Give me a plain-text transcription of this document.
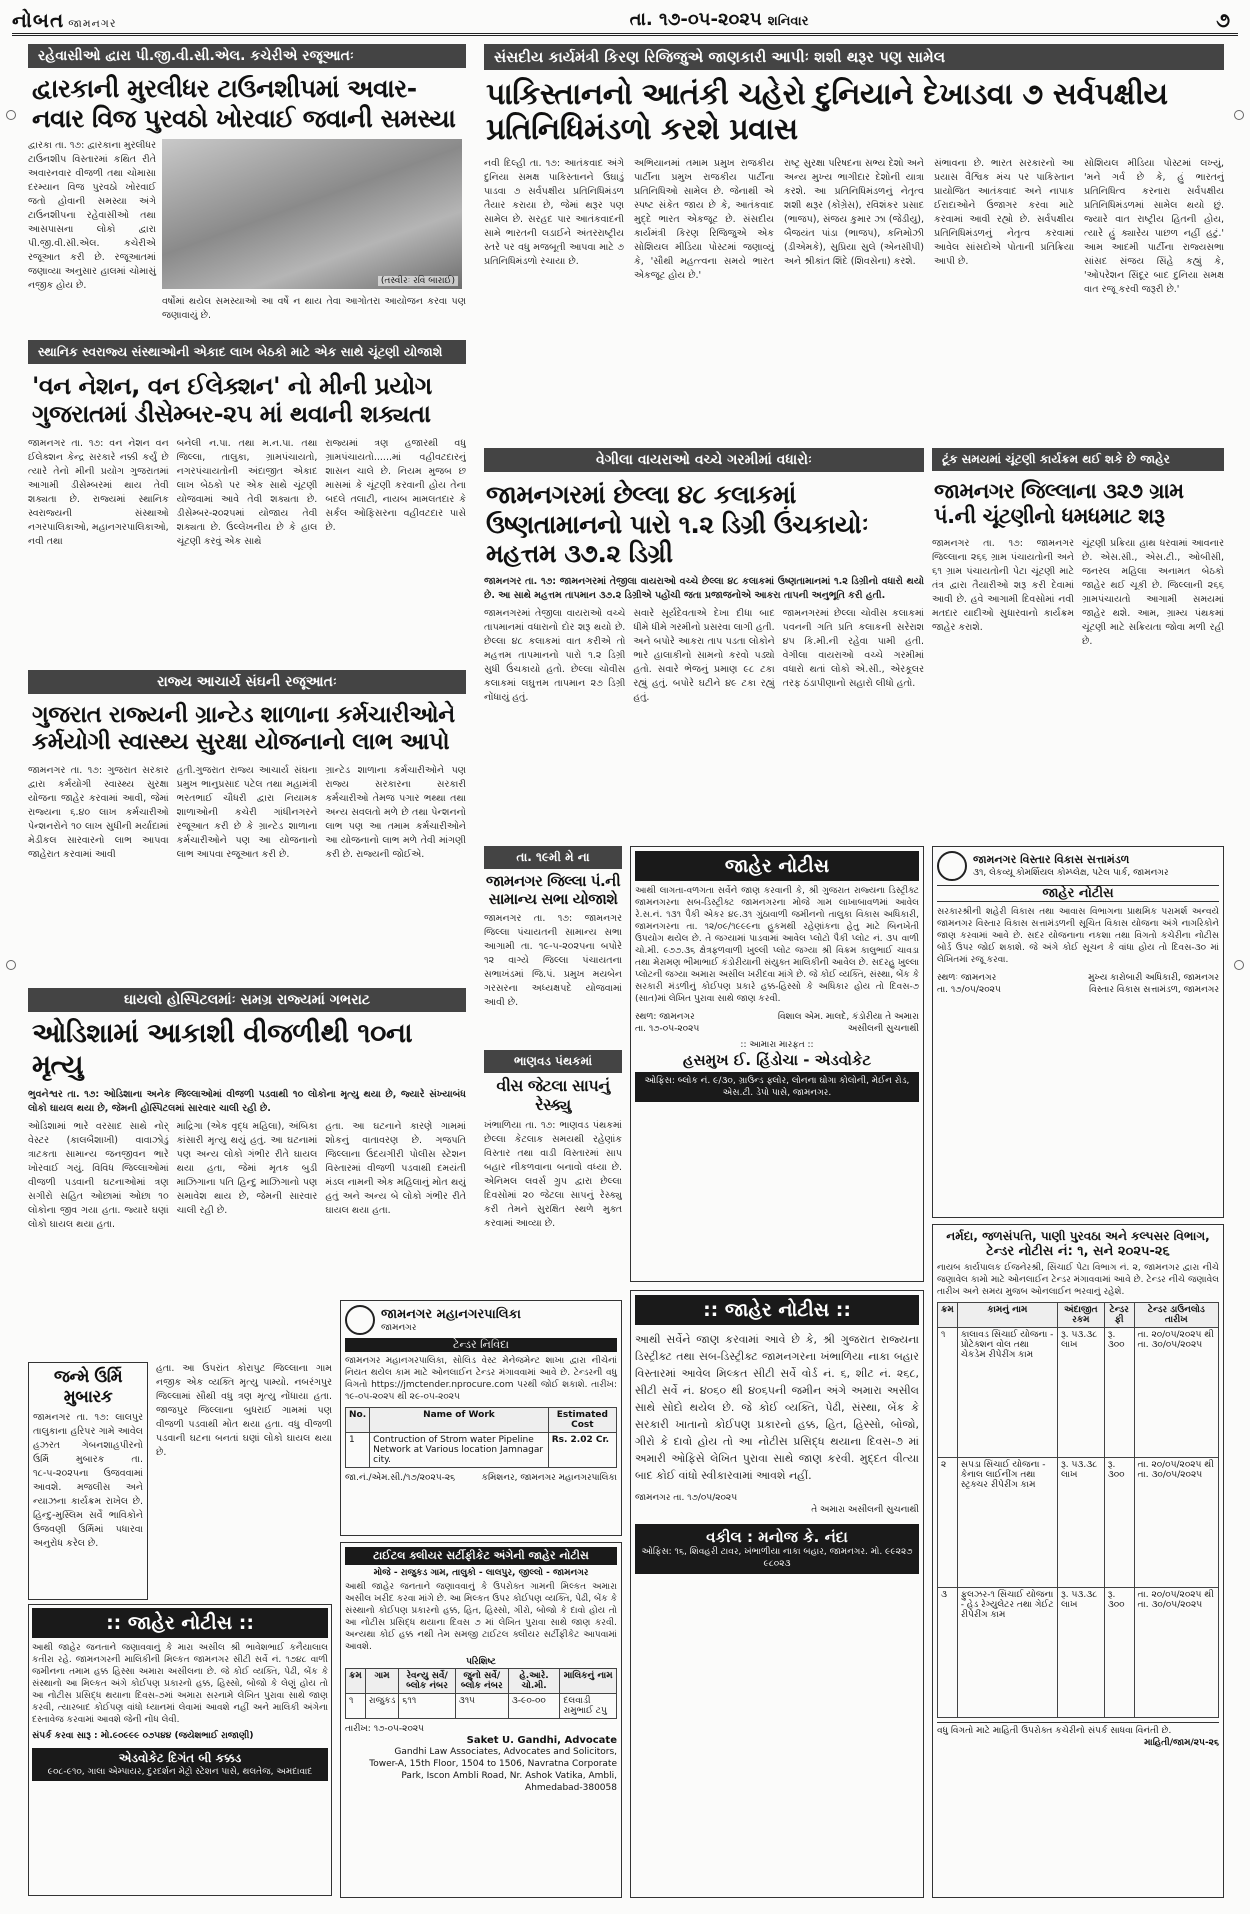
નોબત જામનગર	તા. ૧૭-૦૫-૨૦૨૫ શનિવાર	૭
રહેવાસીઓ દ્વારા પી.જી.વી.સી.એલ. કચેરીએ રજૂઆતઃ
દ્વારકાની મુરલીધર ટાઉનશીપમાં અવાર-નવાર વિજ પુરવઠો ખોરવાઈ જવાની સમસ્યા
દ્વારકા તા. ૧૭: દ્વારકાના મુરલીધર ટાઉનશીપ વિસ્તારમાં કથિત રીતે અવારનવાર વીજળી તથા ચોમાસા દરમ્યાન વિજ પુરવઠો ખોરવાઈ જતો હોવાની સમસ્યા અંગે ટાઉનશીપના રહેવાસીઓ તથા આસપાસના લોકો દ્વારા પી.જી.વી.સી.એલ. કચેરીએ રજૂઆત કરી છે. રજૂઆતમાં જણાવ્યા અનુસાર હાલમાં ચોમાસું નજીક હોય છે.	(તસ્વીરઃ રવિ બારાઈ)
વર્ષોમાં થયેલ સમસ્યાઓ આ વર્ષે ન થાય તેવા આગોતરા આયોજન કરવા પણ જણાવાયું છે.
સ્થાનિક સ્વરાજ્ય સંસ્થાઓની એકાદ લાખ બેઠકો માટે એક સાથે ચૂંટણી યોજાશે
'વન નેશન, વન ઈલેક્શન' નો મીની પ્રયોગ ગુજરાતમાં ડીસેમ્બર-૨૫ માં થવાની શક્યતા
જામનગર તા. ૧૭: વન નેશન વન ઈલેક્શન કેન્દ્ર સરકારે નક્કી કર્યું છે ત્યારે તેનો મીની પ્રયોગ ગુજરાતમાં આગામી ડીસેમ્બરમાં થાય તેવી શક્યતા છે. રાજ્યમાં સ્થાનિક સ્વરાજ્યની સંસ્થાઓ નગરપાલિકાઓ, મહાનગરપાલિકાઓ, નવી તથા
બનેલી ન.પા. તથા મ.ન.પા. તથા જિલ્લા, તાલુકા, ગ્રામપંચાયતો, નગરપંચાયતોની અંદાજીત એકાદ લાખ બેઠકો પર એક સાથે ચૂંટણી યોજવામાં આવે તેવી શક્યતા છે. ડીસેમ્બર-૨૦૨૫માં યોજાય તેવી શક્યતા છે. ઉલ્લેખનીય છે કે હાલ ચૂંટણી કરવું એક સાથે
રાજ્યમાં ત્રણ હજારથી વધુ ગ્રામપંચાયતો......માં વહીવટદારનું શાસન ચાલે છે. નિયમ મુજબ છ માસમાં કે ચૂંટણી કરવાની હોય તેના બદલે તલાટી, નાયબ મામલતદાર કે સર્કલ ઓફિસરના વહીવટદાર પાસે છે.
રાજ્ય આચાર્ય સંઘની રજૂઆતઃ
ગુજરાત રાજ્યની ગ્રાન્ટેડ શાળાના કર્મચારીઓને કર્મયોગી સ્વાસ્થ્ય સુરક્ષા યોજનાનો લાભ આપો
જામનગર તા. ૧૭: ગુજરાત સરકાર દ્વારા કર્મયોગી સ્વાસ્થ્ય સુરક્ષા યોજના જાહેર કરવામાં આવી, જેમાં રાજ્યના ૬.૪૦ લાખ કર્મચારીઓ પેન્શનરોને ૧૦ લાખ સુધીની મર્યાદામાં મેડીકલ સારવારનો લાભ આપવા જાહેરાત કરવામાં આવી
હતી.ગુજરાત રાજ્ય આચાર્ય સંઘના પ્રમુખ ભાનુપ્રસાદ પટેલ તથા મહામંત્રી ભરતભાઈ ચૌધરી દ્વારા નિયામક શાળાઓની કચેરી ગાંધીનગરને રજૂઆત કરી છે કે ગ્રાન્ટેડ શાળાના કર્મચારીઓને પણ આ યોજનાનો લાભ આપવા રજૂઆત કરી છે.
ગ્રાન્ટેડ શાળાના કર્મચારીઓને પણ રાજ્ય સરકારના સરકારી કર્મચારીઓ તેમજ પગાર ભથ્થા તથા અન્ય સવલતો મળે છે તથા પેન્શનનો લાભ પણ આ તમામ કર્મચારીઓને આ યોજનાનો લાભ મળે તેવી માંગણી કરી છે. રાજ્યની જોઈએ.
ઘાયલો હોસ્પિટલમાંઃ સમગ્ર રાજ્યમાં ગભરાટ
ઓડિશામાં આકાશી વીજળીથી ૧૦ના મૃત્યુ
ભુવનેશ્વર તા. ૧૭: ઓડિશાના અનેક જિલ્લાઓમાં વીજળી પડવાથી ૧૦ લોકોના મૃત્યુ થયા છે, જ્યારે સંખ્યાબંધ લોકો ઘાયલ થયા છે, જેમની હોસ્પિટલમાં સારવાર ચાલી રહી છે.
ઓડિશામાં ભારે વરસાદ સાથે નોર્ વેસ્ટર (કાલબૈશાખી) વાવાઝોડું ત્રાટકતા સામાન્ય જનજીવન ભારે ખોરવાઈ ગયું. વિવિધ જિલ્લાઓમાં વીજળી પડવાની ઘટનાઓમાં ત્રણ સગીરો સહિત ઓછામાં ઓછા ૧૦ લોકોના જીવ ગયા હતા. જ્યારે ઘણાં લોકો ઘાયલ થયા હતા.
માદ્રિગા (એક વૃદ્ધ મહિલા), અંબિકા કાંસારી મૃત્યુ થયું હતું. આ ઘટનામાં પણ અન્ય લોકો ગંભીર રીતે ઘાયલ થયા હતા, જેમાં મૃતક બુડી માઝિગાના પતિ હિન્દુ માઝિગાનો પણ સમાવેશ થાય છે, જેમની સારવાર ચાલી રહી છે.
હતા. આ ઘટનાને કારણે ગામમાં શોકનું વાતાવરણ છે. ગજપતિ જિલ્લાના ઉદયગીરી પોલીસ સ્ટેશન વિસ્તારમાં વીજળી પડવાથી દમયંતી મંડલ નામની એક મહિલાનું મોત થયું હતું અને અન્ય બે લોકો ગંભીર રીતે ઘાયલ થયા હતા.
જન્મે ઉર્મિ મુબારક
જામનગર તા. ૧૭: લાલપુર તાલુકાના હરિપર ગામે આવેલ હઝરત ગેબનશાહપીરનો ઉર્મિ મુબારક તા. ૧૮-૫-૨૦૨૫ના ઉજવવામાં આવશે. મજલીસ અને ન્યાઝના કાર્યક્રમ રાખેલ છે. હિન્દુ-મુસ્લિમ સર્વે ભાવિકોને ઉજવણી ઉર્મિમાં પધારવા અનુરોધ કરેલ છે.
હતા. આ ઉપરાંત કોરાપુટ જિલ્લાના ગામ નજીક એક વ્યક્તિ મૃત્યુ પામ્યો. નબરંગપુર જિલ્લામાં સૌથી વધુ ત્રણ મૃત્યુ નોંધાયા હતા. જાજપુર જિલ્લાના બુધરાઈ ગામમાં પણ વીજળી પડવાથી મોત થયા હતા. વધુ વીજળી પડવાની ઘટના બનતાં ઘણાં લોકો ઘાયલ થયા છે.
:: જાહેર નોટીસ ::
આથી જાહેર જનતાને જણાવવાનું કે મારા અસીલ શ્રી ભાવેશભાઈ કનૈયાલાલ કતીરા રહે. જામનગરની માલિકીની મિલ્કત જામનગર સીટી સર્વે નં. ૧૭૪૮ વાળી જમીનના તમામ હક્ક હિસ્સા અમારા અસીલના છે. જે કોઈ વ્યક્તિ, પેઢી, બેંક કે સંસ્થાનો આ મિલ્કત અંગે કોઈપણ પ્રકારનો હક્ક, હિસ્સો, બોજો કે લેણું હોય તો આ નોટીસ પ્રસિદ્ધ થયાના દિવસ-૭માં અમારા સરનામે લેખિત પુરાવા સાથે જાણ કરવી, ત્યારબાદ કોઈપણ વાંધો ધ્યાનમાં લેવામાં આવશે નહીં અને માલિકી અંગેના દસ્તાવેજ કરવામાં આવશે જેની નોંધ લેવી.
સંપર્ક કરવા સારૂ : મો.૯૦૯૯૯ ૦૭૫૪૪ (જયેશભાઈ રાજાણી)
એડવોકેટ દિગંત બી કક્કડ
૯૦૮-૯૧૦, ગાલા એમ્પાયર, દુરદર્શન મેટ્રો સ્ટેશન પાસે, થલતેજ, અમદાવાદ
સંસદીય કાર્યમંત્રી કિરણ રિજિજુએ જાણકારી આપીઃ શશી થરૂર પણ સામેલ
પાકિસ્તાનનો આતંકી ચહેરો દુનિયાને દેખાડવા ૭ સર્વપક્ષીય પ્રતિનિધિમંડળો કરશે પ્રવાસ
નવી દિલ્હી તા. ૧૭: આતંકવાદ અંગે દુનિયા સમક્ષ પાકિસ્તાનને ઉઘાડું પાડવા ૭ સર્વપક્ષીય પ્રતિનિધિમંડળ તૈયાર કરાયા છે, જેમાં થરૂર પણ સામેલ છે. સરહદ પાર આતંકવાદની સામે ભારતની લડાઈને અંતરરાષ્ટ્રીય સ્તરે પર વધુ મજબૂતી આપવા માટે ૭ પ્રતિનિધિમંડળો રચાયા છે.
અભિયાનમાં તમામ પ્રમુખ રાજકીય પાર્ટીના પ્રમુખ રાજકીય પાર્ટીના પ્રતિનિધિઓ સામેલ છે. જેનાથી એ સ્પષ્ટ સંકેત જાય છે કે, આતંકવાદ મુદ્દે ભારત એકજૂટ છે. સંસદીય કાર્યમંત્રી કિરણ રિજિજુએ એક સોશિયલ મીડિયા પોસ્ટમાં જણાવ્યું કે, 'સૌથી મહત્ત્વના સમયે ભારત એકજૂટ હોય છે.'
રાષ્ટ્ર સુરક્ષા પરિષદના સભ્ય દેશો અને અન્ય મુખ્ય ભાગીદાર દેશોની યાત્રા કરશે. આ પ્રતિનિધિમંડળનું નેતૃત્વ શશી થરૂર (કોંગ્રેસ), રવિશંકર પ્રસાદ (ભાજપ), સંજય કુમાર ઝા (જેડીયુ), બૈજયંત પાંડા (ભાજપ), કનિમોઝી (ડીએમકે), સુપ્રિયા સુલે (એનસીપી) અને શ્રીકાંત શિંદે (શિવસેના) કરશે.
સંભાવના છે. ભારત સરકારનો આ પ્રયાસ વૈશ્વિક મંચ પર પાકિસ્તાન પ્રાયોજિત આતંકવાદ અને નાપાક ઈરાદાઓને ઉજાગર કરવા માટે કરવામાં આવી રહ્યો છે. સર્વપક્ષીય પ્રતિનિધિમંડળનું નેતૃત્વ કરવામાં આવેલ સાંસદોએ પોતાની પ્રતિક્રિયા આપી છે.
સોશિયલ મીડિયા પોસ્ટમાં લખ્યું, 'મને ગર્વ છે કે, હું ભારતનું પ્રતિનિધિત્વ કરનારા સર્વપક્ષીય પ્રતિનિધિમંડળમાં સામેલ થયો છું. જ્યારે વાત રાષ્ટ્રીય હિતની હોય, ત્યારે હું ક્યારેય પાછળ નહીં હટું.' આમ આદમી પાર્ટીના રાજ્યસભા સાંસદ સંજય સિંહે કહ્યું કે, 'ઓપરેશન સિંદૂર બાદ દુનિયા સમક્ષ વાત રજૂ કરવી જરૂરી છે.'
વેગીલા વાયરાઓ વચ્ચે ગરમીમાં વધારોઃ
જામનગરમાં છેલ્લા ૪૮ કલાકમાં ઉષ્ણતામાનનો પારો ૧.૨ ડિગ્રી ઉંચકાયોઃ મહત્તમ ૩૭.૨ ડિગ્રી
જામનગર તા. ૧૭: જામનગરમાં તેજીલા વાયરાઓ વચ્ચે છેલ્લા ૪૮ કલાકમાં ઉષ્ણતામાનમાં ૧.૨ ડિગ્રીનો વધારો થયો છે. આ સાથે મહત્તમ તાપમાન ૩૭.૨ ડિગ્રીએ પહોંચી જતા પ્રજાજનોએ આકરા તાપની અનુભૂતિ કરી હતી.
જામનગરમાં તેજીલા વાયરાઓ વચ્ચે તાપમાનમાં વધારાનો દોર શરૂ થયો છે. છેલ્લા ૪૮ કલાકમાં વાત કરીએ તો મહત્તમ તાપમાનનો પારો ૧.૨ ડિગ્રી સુધી ઉંચકાયો હતો. છેલ્લા ચોવીસ કલાકમાં લઘુત્તમ તાપમાન ૨૭ ડિગ્રી નોંધાયું હતું.
સવારે સૂર્યદેવતાએ દેખા દીધા બાદ ધીમે ધીમે ગરમીનો પ્રસરવા લાગી હતી. અને બપોરે આકરા તાપ પડતા લોકોને ભારે હાલાકીનો સામનો કરવો પડ્યો હતો. સવારે ભેજનું પ્રમાણ ૯૮ ટકા રહ્યું હતું. બપોરે ઘટીને ૪૯ ટકા રહ્યું હતું.
જામનગરમાં છેલ્લા ચોવીસ કલાકમાં પવનની ગતિ પ્રતિ કલાકની સરેરાશ ૪૫ કિ.મી.ની રહેવા પામી હતી. વેગીલા વાયરાઓ વચ્ચે ગરમીમાં વધારો થતાં લોકો એ.સી., એરકૂલર તરફ ઠંડાપીણાનો સહારો લીધો હતો.
ટૂંક સમયમાં ચૂંટણી કાર્યક્રમ થઈ શકે છે જાહેર
જામનગર જિલ્લાના ૩૨૭ ગ્રામ પં.ની ચૂંટણીનો ધમધમાટ શરૂ
જામનગર તા. ૧૭: જામનગર જિલ્લાના ૨૬૬ ગ્રામ પંચાયતોની અને ૬૧ ગ્રામ પંચાયતોની પેટા ચૂંટણી માટે તંત્ર દ્વારા તૈયારીઓ શરૂ કરી દેવામાં આવી છે. હવે આગામી દિવસોમાં નવી મતદાર યાદીઓ સુધારવાનો કાર્યક્રમ જાહેર કરાશે.
ચૂંટણી પ્રક્રિયા હાથ ધરવામાં આવનાર છે. એસ.સી., એસ.ટી., ઓબીસી, જનરલ મહિલા અનામત બેઠકો જાહેર થઈ ચૂકી છે. જિલ્લાની ૨૬૬ ગ્રામપંચાયતો આગામી સમયમાં જાહેર થશે. આમ, ગ્રામ્ય પંથકમાં ચૂંટણી માટે સક્રિયતા જોવા મળી રહી છે.
તા. ૧૯મી મે ના
જામનગર જિલ્લા પં.ની સામાન્ય સભા યોજાશે
જામનગર તા. ૧૭: જામનગર જિલ્લા પંચાયતની સામાન્ય સભા આગામી તા. ૧૯-૫-૨૦૨૫ના બપોરે ૧૨ વાગ્યે જિલ્લા પંચાયતના સભાખંડમાં જિ.પં. પ્રમુખ મયબેન ગરસરના અધ્યક્ષપદે યોજવામાં આવી છે.
ભાણવડ પંથકમાં
વીસ જેટલા સાપનું રેસ્ક્યુ
ખંભાળિયા તા. ૧૭: ભાણવડ પંથકમાં છેલ્લા કેટલાક સમયથી રહેણાંક વિસ્તાર તથા વાડી વિસ્તારમાં સાપ બહાર નીકળવાના બનાવો વધ્યા છે. એનિમલ લવર્સ ગ્રુપ દ્વારા છેલ્લા દિવસોમાં ૨૦ જેટલા સાપનું રેસ્ક્યુ કરી તેમને સુરક્ષિત સ્થળે મુક્ત કરવામાં આવ્યા છે.
જાહેર નોટીસ
આથી લાગતા-વળગતા સર્વેને જાણ કરવાની કે, શ્રી ગુજરાત રાજ્યના ડિસ્ટ્રીક્ટ જામનગરના સબ-ડિસ્ટ્રીક્ટ જામનગરના મોજે ગામ લાખાબાવળમાં આવેલ રે.સ.નં. ૧૩૧ પૈકી એકર ૪૯.૩૧ ગુંઠાવાળી જમીનનો તાલુકા વિકાસ અધિકારી, જામનગરના તા. ૧૨/૦૯/૧૯૯૯ના હુકમથી રહેણાંકના હેતુ માટે બિનખેતી ઉપયોગ થયેલ છે. તે જગ્યામાં પાડવામાં આવેલ પ્લોટો પૈકી પ્લોટ નં. ૩૫ વાળી ચો.મી. ૯૭૭.૩૬ ક્ષેત્રફળવાળી ખુલ્લી પ્લોટ જગ્યા શ્રી વિક્રમ કાલુભાઈ ચાવડા તથા મેરામણ ભીમાભાઈ કંડોરીયાની સંયુક્ત માલિકીની આવેલ છે. સદરહુ ખુલ્લા પ્લોટની જગ્યા અમારા અસીલ ખરીદવા માંગે છે. જે કોઈ વ્યક્તિ, સંસ્થા, બેંક કે સરકારી મંડળીનું કોઈપણ પ્રકારે હક્ક-હિસ્સો કે અધિકાર હોય તો દિવસ-૭ (સાત)માં લેખિત પુરાવા સાથે જાણ કરવી.
સ્થળ: જામનગર
તા. ૧૭-૦૫-૨૦૨૫
વિશાલ એમ. માલદે, કંડોરીયા તે અમારા અસીલની સુચનાથી
:: આમારા મારફત ::
હસમુખ ઈ. હિંડોચા - એડવોકેટ
ઓફિસ: બ્લોક નં. ૯/૩૦, ગ્રાઉન્ડ ફ્લોર, લોનના ઘોગા કોલોની, મેઈન રોડ, એસ.ટી. ડેપો પાસે, જામનગર.
જામનગર મહાનગરપાલિકા
જામનગર
ટેન્ડર નિવિદા
જામનગર મહાનગરપાલિકા, સોલિડ વેસ્ટ મેનેજમેન્ટ શાખા દ્વારા નીચેનાં નિયત થયેલ કામ માટે ઓનલાઈન ટેન્ડર મંગાવવામાં આવે છે. ટેન્ડરની વધુ વિગતો https://jmctender.nprocure.com પરથી જોઈ શકાશે. તારીખ: ૧૯-૦૫-૨૦૨૫ થી ૨૯-૦૫-૨૦૨૫
No.	Name of Work	Estimated Cost
1	Contruction of Strom water Pipeline Network at Various location Jamnagar city.	Rs. 2.02 Cr.
જા.નં./એમ.સી./૧૭/૨૦૨૫-૨૬	કમિશનર, જામનગર મહાનગરપાલિકા
ટાઈટલ ક્લીયર સર્ટીફીકેટ અંગેની જાહેર નોટીસ
મોજે - રાજુકડ ગામ, તાલુકો - લાલપુર, જીલ્લો - જામનગર
આથી જાહેર જનતાને જણાવવાનું કે ઉપરોક્ત ગામની મિલ્કત અમારા અસીલ ખરીદ કરવા માંગે છે. આ મિલ્કત ઉપર કોઈપણ વ્યક્તિ, પેઢી, બેંક કે સંસ્થાનો કોઈપણ પ્રકારનો હક્ક, હિત, હિસ્સો, ગીરો, બોજો કે દાવો હોય તો આ નોટીસ પ્રસિદ્ધ થયાના દિવસ ૭ માં લેખિત પુરાવા સાથે જાણ કરવી. અન્યથા કોઈ હક્ક નથી તેમ સમજી ટાઈટલ ક્લીયર સર્ટીફીકેટ આપવામાં આવશે.
પરિશિષ્ટ
ક્રમ	ગામ	રેવન્યુ સર્વે/બ્લોક નંબર	જુનો સર્વે/બ્લોક નંબર	હે.આરે. ચો.મી.	માલિકનું નામ
૧	રાજુકડ	૬૧૧	૩૧૫	૩-૯૦-૦૦	દલવાડી રામુભાઈ ટપુ
તારીખ: ૧૭-૦૫-૨૦૨૫
Saket U. Gandhi, Advocate
Gandhi Law Associates, Advocates and Solicitors,
Tower-A, 15th Floor, 1504 to 1506, Navratna Corporate Park, Iscon Ambli Road, Nr. Ashok Vatika, Ambli, Ahmedabad-380058
:: જાહેર નોટીસ ::
આથી સર્વેને જાણ કરવામાં આવે છે કે, શ્રી ગુજરાત રાજ્યના ડિસ્ટ્રીક્ટ તથા સબ-ડિસ્ટ્રીક્ટ જામનગરના ખંભાળિયા નાકા બહાર વિસ્તારમાં આવેલ મિલ્કત સીટી સર્વે વોર્ડ નં. ૬, શીટ નં. ૨૬૮, સીટી સર્વે નં. ૪૦૬૦ થી ૪૦૬૫ની જમીન અંગે અમારા અસીલ સાથે સોદો થયેલ છે. જે કોઈ વ્યક્તિ, પેઢી, સંસ્થા, બેંક કે સરકારી ખાતાનો કોઈપણ પ્રકારનો હક્ક, હિત, હિસ્સો, બોજો, ગીરો કે દાવો હોય તો આ નોટીસ પ્રસિદ્ધ થયાના દિવસ-૭ માં અમારી ઓફિસે લેખિત પુરાવા સાથે જાણ કરવી. મુદ્દત વીત્યા બાદ કોઈ વાંધો સ્વીકારવામાં આવશે નહીં.
જામનગર તા. ૧૭/૦૫/૨૦૨૫
તે અમારા અસીલની સુચનાથી
વકીલ : મનોજ કે. નંદા
ઓફિસ: ૧૬, શિવહરી ટાવર, ખંભાળીયા નાકા બહાર, જામનગર. મો. ૯૯૨૨૭ ૯૮૦૨૩
જામનગર વિસ્તાર વિકાસ સત્તામંડળ
૩૧, લેકવ્યૂ કોમર્શિયલ કોમ્પ્લેક્ષ, પટેલ પાર્ક, જામનગર
જાહેર નોટીસ
સરકારશ્રીની શહેરી વિકાસ તથા આવાસ વિભાગના પ્રાથમિક પરામર્શ અન્વયે જામનગર વિસ્તાર વિકાસ સત્તામંડળની સૂચિત વિકાસ યોજના અંગે નાગરિકોને જાણ કરવામાં આવે છે. સદર યોજનાના નકશા તથા વિગતો કચેરીના નોટીસ બોર્ડ ઉપર જોઈ શકાશે. જે અંગે કોઈ સૂચન કે વાંધા હોય તો દિવસ-૩૦ માં લેખિતમાં રજૂ કરવા.
સ્થળઃ જામનગર
તા. ૧૭/૦૫/૨૦૨૫
મુખ્ય કારોબારી અધિકારી, જામનગર વિસ્તાર વિકાસ સત્તામંડળ, જામનગર
નર્મદા, જળસંપત્તિ, પાણી પુરવઠા અને કલ્પસર વિભાગ,
ટેન્ડર નોટીસ નં: ૧, સને ૨૦૨૫-૨૬
નાયબ કાર્યપાલક ઈજનેરશ્રી, સિંચાઈ પેટા વિભાગ નં. ૨, જામનગર દ્વારા નીચે જણાવેલ કામો માટે ઓનલાઈન ટેન્ડર મંગાવવામાં આવે છે. ટેન્ડર નીચે જણાવેલ તારીખ અને સમય મુજબ ઓનલાઈન ભરવાનું રહેશે.
ક્રમ	કામનું નામ	અંદાજીત રકમ	ટેન્ડર ફી	ટેન્ડર ડાઉનલોડ તારીખ
૧	કાલાવડ સિંચાઈ યોજના - પ્રોટેક્શન વોલ તથા ચેકડેમ રીપેરીંગ કામ	રૂ. ૫૩.૩૮ લાખ	રૂ. ૩૦૦	તા. ૨૦/૦૫/૨૦૨૫ થી તા. ૩૦/૦૫/૨૦૨૫
૨	સપડા સિંચાઈ યોજના - કેનાલ લાઈનીંગ તથા સ્ટ્રક્ચર રીપેરીંગ કામ	રૂ. ૫૩.૩૮ લાખ	રૂ. ૩૦૦	તા. ૨૦/૦૫/૨૦૨૫ થી તા. ૩૦/૦૫/૨૦૨૫
૩	ફુલઝર-૧ સિંચાઈ યોજના - હેડ રેગ્યુલેટર તથા ગેઈટ રીપેરીંગ કામ	રૂ. ૫૩.૩૮ લાખ	રૂ. ૩૦૦	તા. ૨૦/૦૫/૨૦૨૫ થી તા. ૩૦/૦૫/૨૦૨૫
વધુ વિગતો માટે માહિતી ઉપરોક્ત કચેરીનો સંપર્ક સાધવા વિનંતી છે.
માહિતી/જામ/૨૫-૨૬
